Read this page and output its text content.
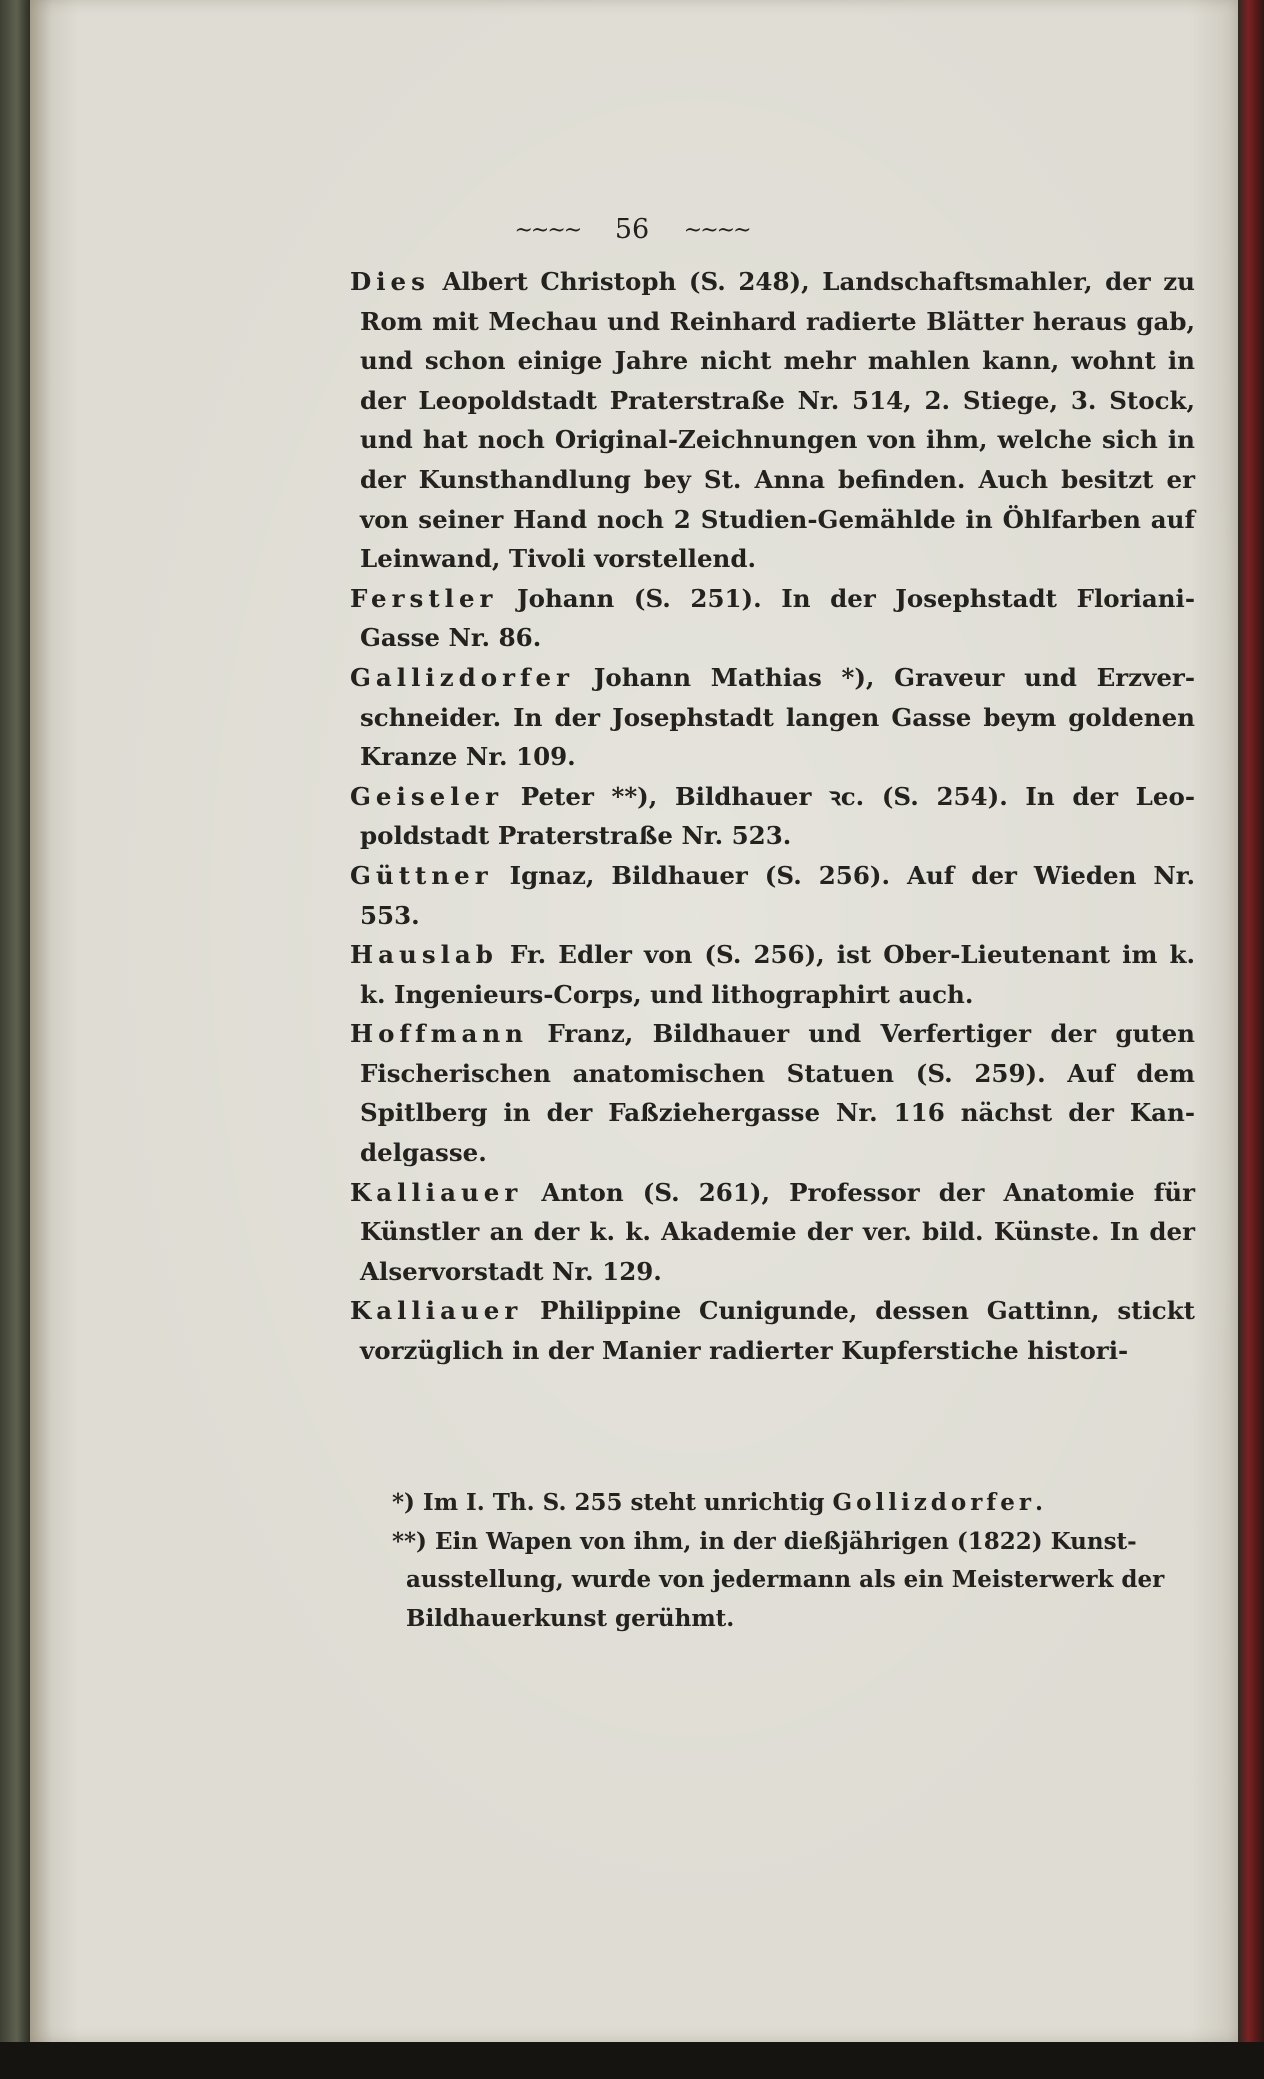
~~~~ 56 ~~~~

Dies Albert Christoph (S. 248), Landschaftsmahler, der zu Rom mit Mechau und Reinhard radierte Blätter heraus gab, und schon einige Jahre nicht mehr mahlen kann, wohnt in der Leopoldstadt Praterstraße Nr. 514, 2. Stiege, 3. Stock, und hat noch Original-Zeichnungen von ihm, welche sich in der Kunsthandlung bey St. Anna befinden. Auch besitzt er von seiner Hand noch 2 Studien-Gemählde in Öhlfarben auf Leinwand, Tivoli vorstellend.

Ferstler Johann (S. 251). In der Josephstadt Floriani-Gasse Nr. 86.

Gallizdorfer Johann Mathias *), Graveur und Erzverschneider. In der Josephstadt langen Gasse beym goldenen Kranze Nr. 109.

Geiseler Peter **), Bildhauer ꝛc. (S. 254). In der Leopoldstadt Praterstraße Nr. 523.

Güttner Ignaz, Bildhauer (S. 256). Auf der Wieden Nr. 553.

Hauslab Fr. Edler von (S. 256), ist Ober-Lieutenant im k. k. Ingenieurs-Corps, und lithographirt auch.

Hoffmann Franz, Bildhauer und Verfertiger der guten Fischerischen anatomischen Statuen (S. 259). Auf dem Spitlberg in der Faßziehergasse Nr. 116 nächst der Kandelgasse.

Kalliauer Anton (S. 261), Professor der Anatomie für Künstler an der k. k. Akademie der ver. bild. Künste. In der Alservorstadt Nr. 129.

Kalliauer Philippine Cunigunde, dessen Gattinn, stickt vorzüglich in der Manier radierter Kupferstiche histori-

*) Im I. Th. S. 255 steht unrichtig Gollizdorfer.

**) Ein Wapen von ihm, in der dießjährigen (1822) Kunstausstellung, wurde von jedermann als ein Meisterwerk der Bildhauerkunst gerühmt.
